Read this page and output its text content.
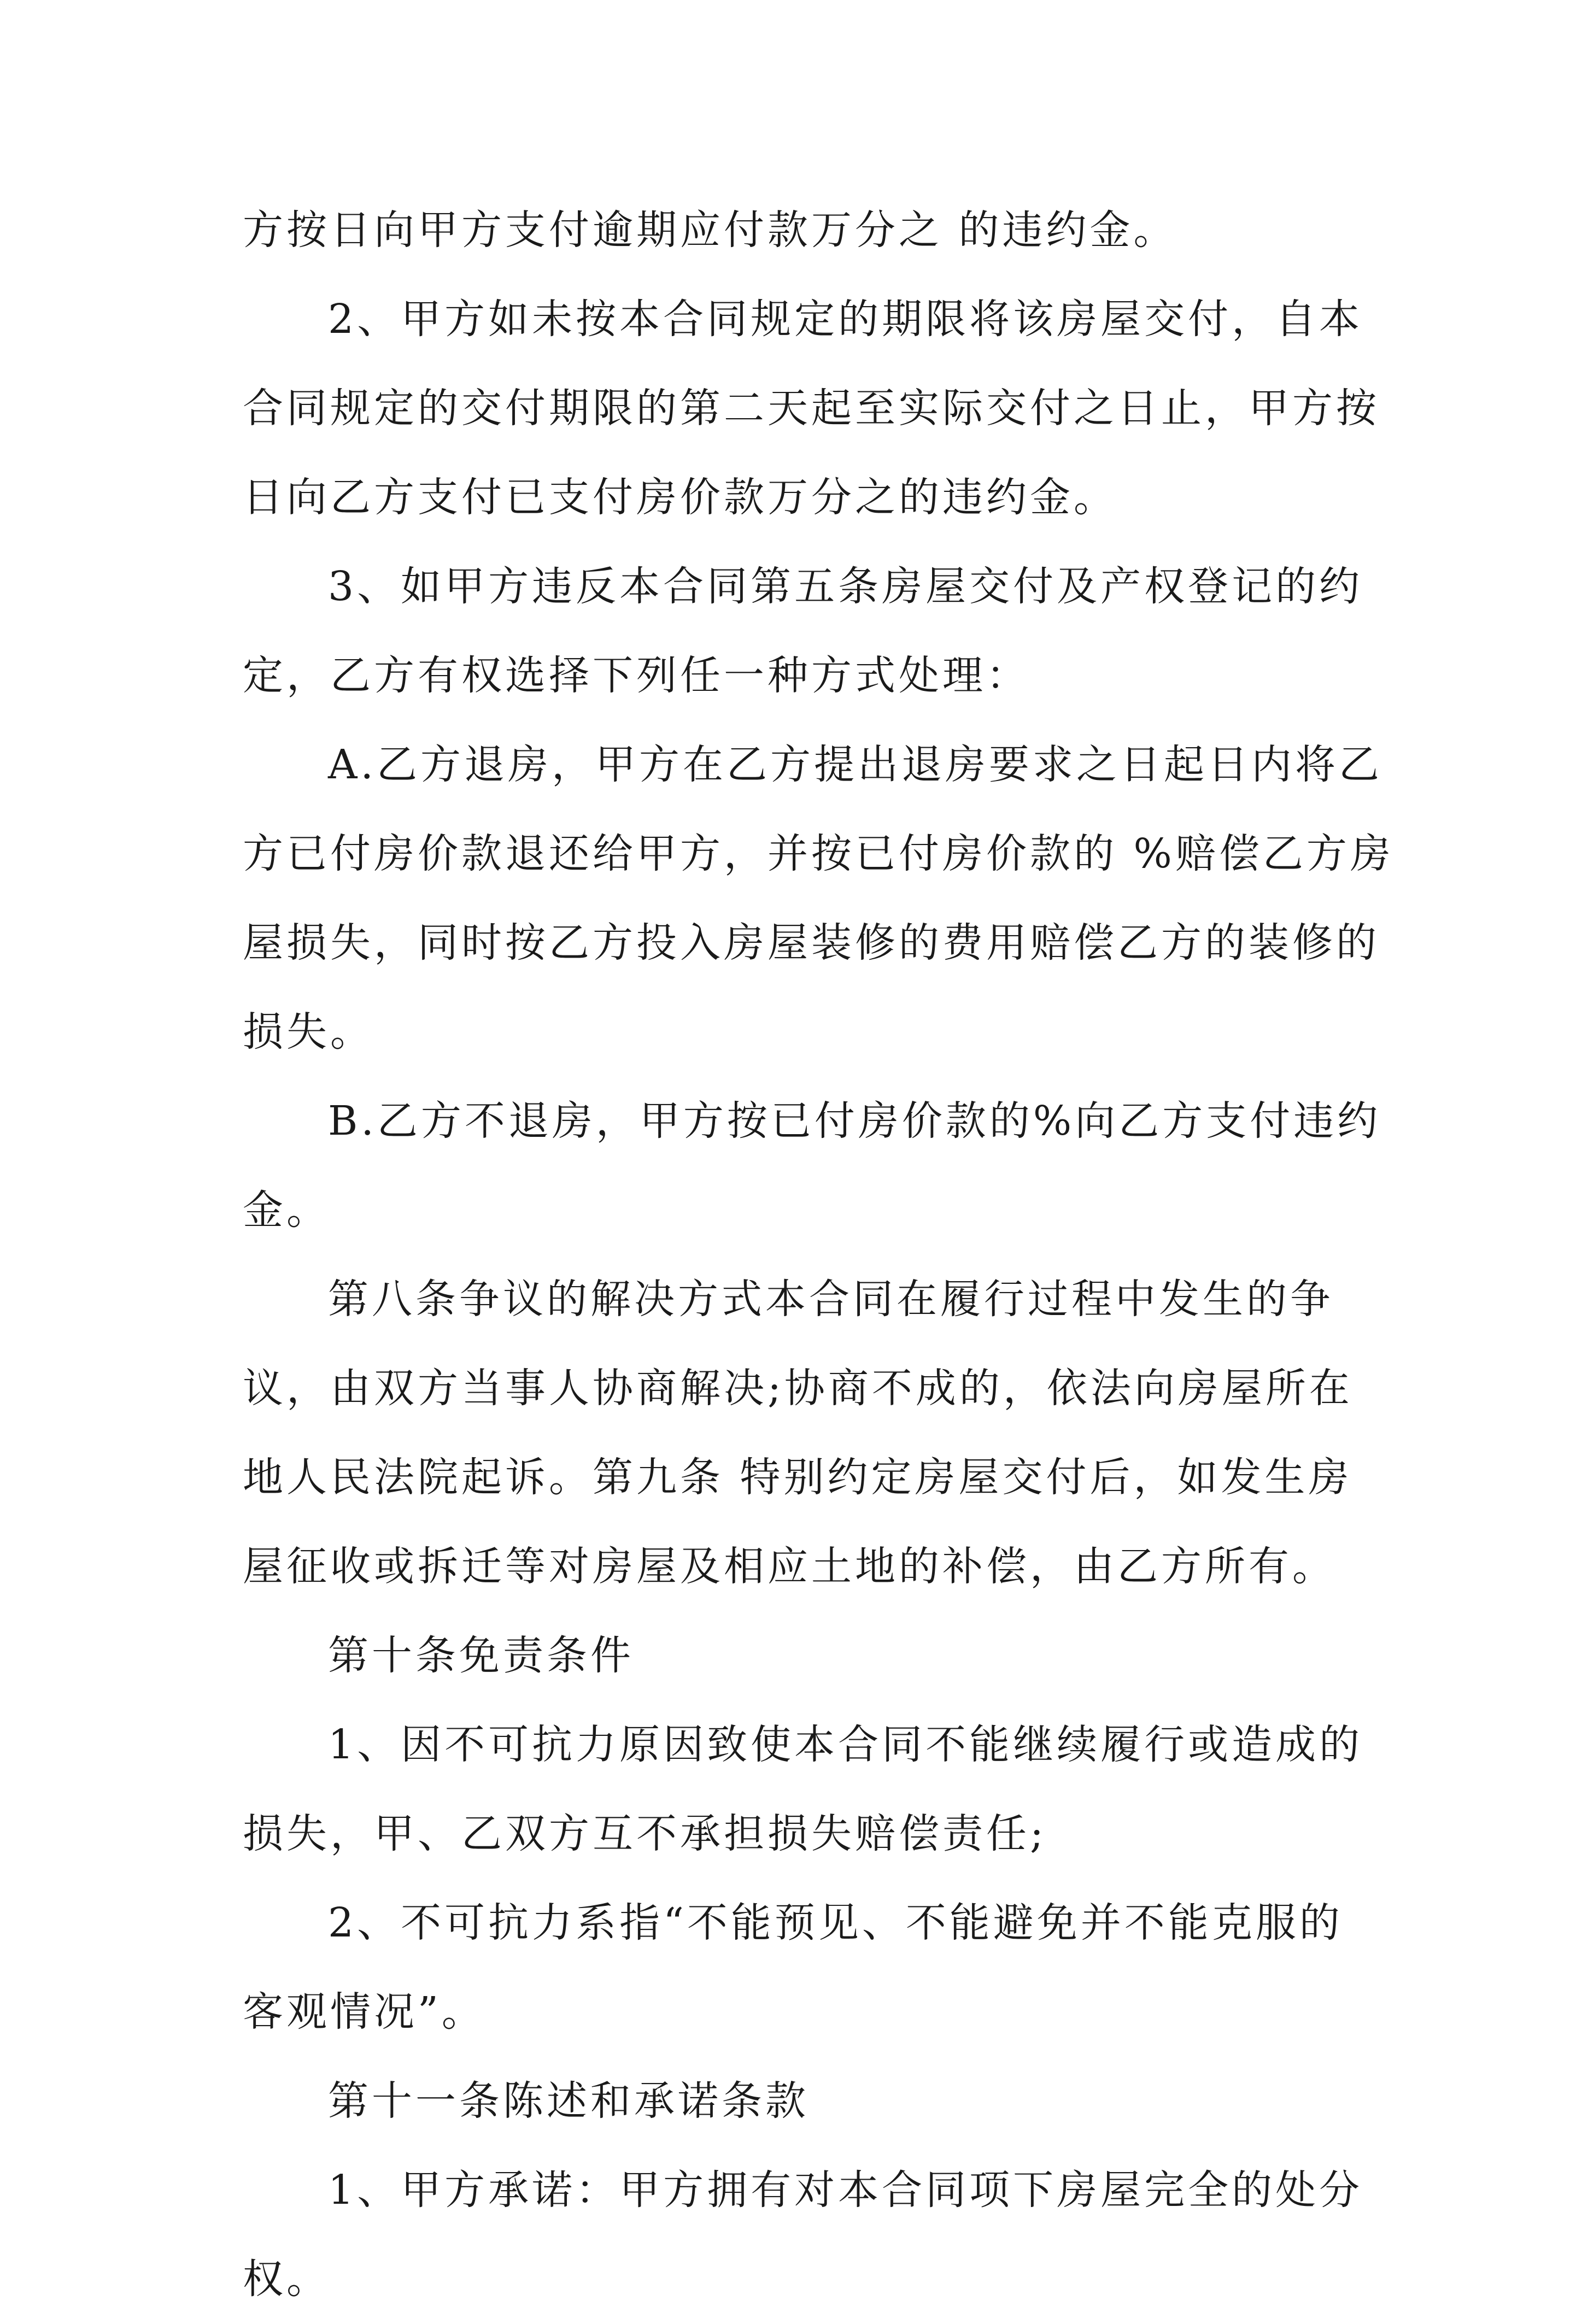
方按日向甲方支付逾期应付款万分之 的违约金。
2、甲方如未按本合同规定的期限将该房屋交付，自本
合同规定的交付期限的第二天起至实际交付之日止，甲方按
日向乙方支付已支付房价款万分之的违约金。
3、如甲方违反本合同第五条房屋交付及产权登记的约
定，乙方有权选择下列任一种方式处理：
A.乙方退房，甲方在乙方提出退房要求之日起日内将乙
方已付房价款退还给甲方，并按已付房价款的 %赔偿乙方房
屋损失，同时按乙方投入房屋装修的费用赔偿乙方的装修的
损失。
B.乙方不退房，甲方按已付房价款的%向乙方支付违约
金。
第八条争议的解决方式本合同在履行过程中发生的争
议，由双方当事人协商解决;协商不成的，依法向房屋所在
地人民法院起诉。第九条 特别约定房屋交付后，如发生房
屋征收或拆迁等对房屋及相应土地的补偿，由乙方所有。
第十条免责条件
1、因不可抗力原因致使本合同不能继续履行或造成的
损失，甲、乙双方互不承担损失赔偿责任;
2、不可抗力系指“不能预见、不能避免并不能克服的
客观情况”。
第十一条陈述和承诺条款
1、甲方承诺：甲方拥有对本合同项下房屋完全的处分
权。
